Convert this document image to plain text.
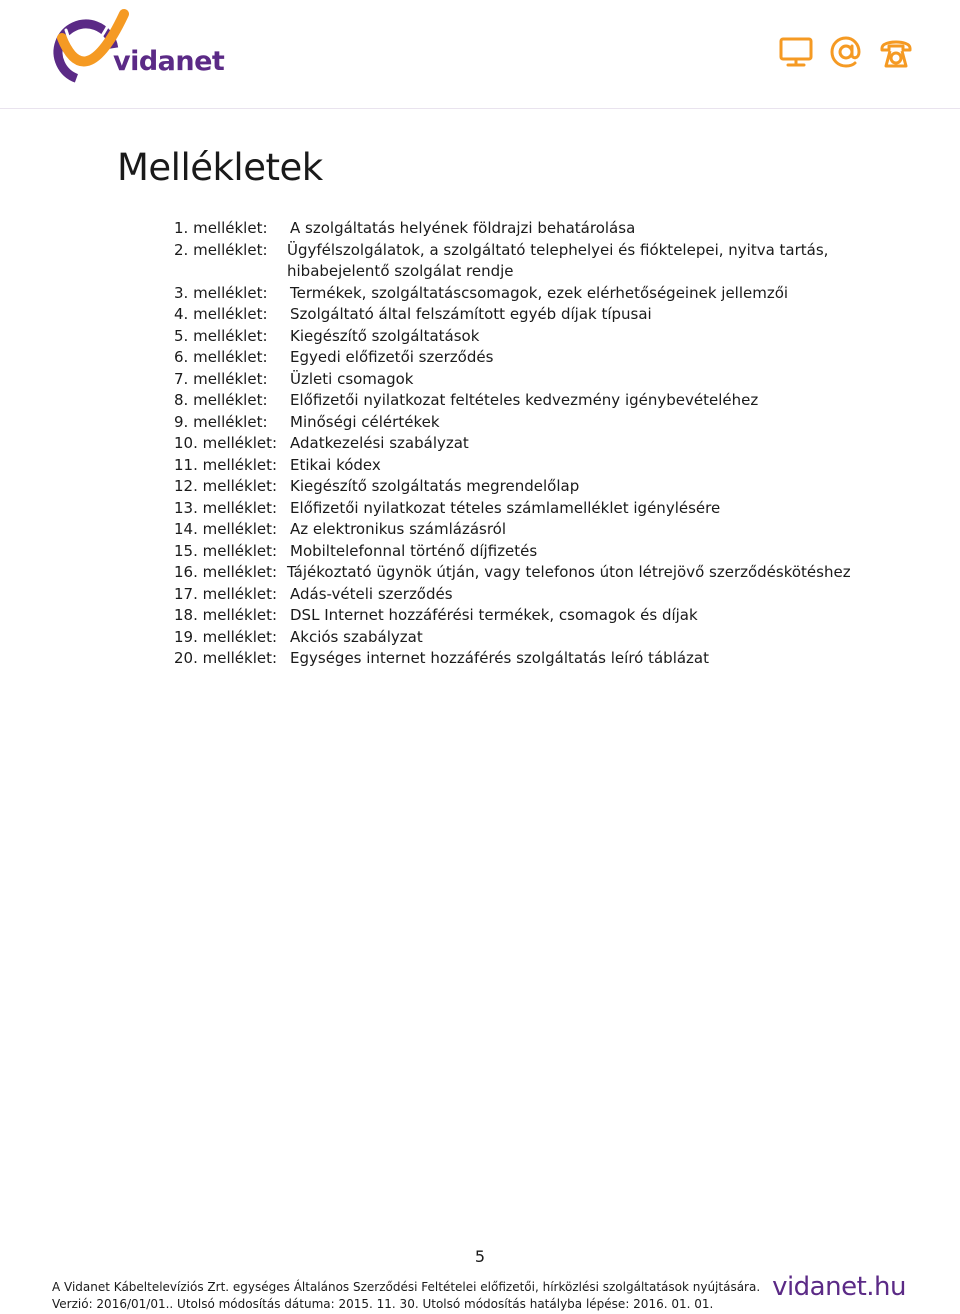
vidanet
Mellékletek
1. melléklet:	A szolgáltatás helyének földrajzi behatárolása
2. melléklet:	Ügyfélszolgálatok, a szolgáltató telephelyei és fióktelepei, nyitva tartás, hibabejelentő szolgálat rendje
3. melléklet:	Termékek, szolgáltatáscsomagok, ezek elérhetőségeinek jellemzői
4. melléklet:	Szolgáltató által felszámított egyéb díjak típusai
5. melléklet:	Kiegészítő szolgáltatások
6. melléklet:	Egyedi előfizetői szerződés
7. melléklet:	Üzleti csomagok
8. melléklet:	Előfizetői nyilatkozat feltételes kedvezmény igénybevételéhez
9. melléklet:	Minőségi célértékek
10. melléklet: Adatkezelési szabályzat
11. melléklet: Etikai kódex
12. melléklet: Kiegészítő szolgáltatás megrendelőlap
13. melléklet: Előfizetői nyilatkozat tételes számlamelléklet igénylésére
14. melléklet: Az elektronikus számlázásról
15. melléklet: Mobiltelefonnal történő díjfizetés
16. melléklet: Tájékoztató ügynök útján, vagy telefonos úton létrejövő szerződéskötéshez
17. melléklet: Adás-vételi szerződés
18. melléklet: DSL Internet hozzáférési termékek, csomagok és díjak
19. melléklet: Akciós szabályzat
20. melléklet: Egységes internet hozzáférés szolgáltatás leíró táblázat
5
A Vidanet Kábeltelevíziós Zrt. egységes Általános Szerződési Feltételei előfizetői, hírközlési szolgáltatások nyújtására.
Verzió: 2016/01/01.. Utolsó módosítás dátuma: 2015. 11. 30. Utolsó módosítás hatályba lépése: 2016. 01. 01.
vidanet.hu
